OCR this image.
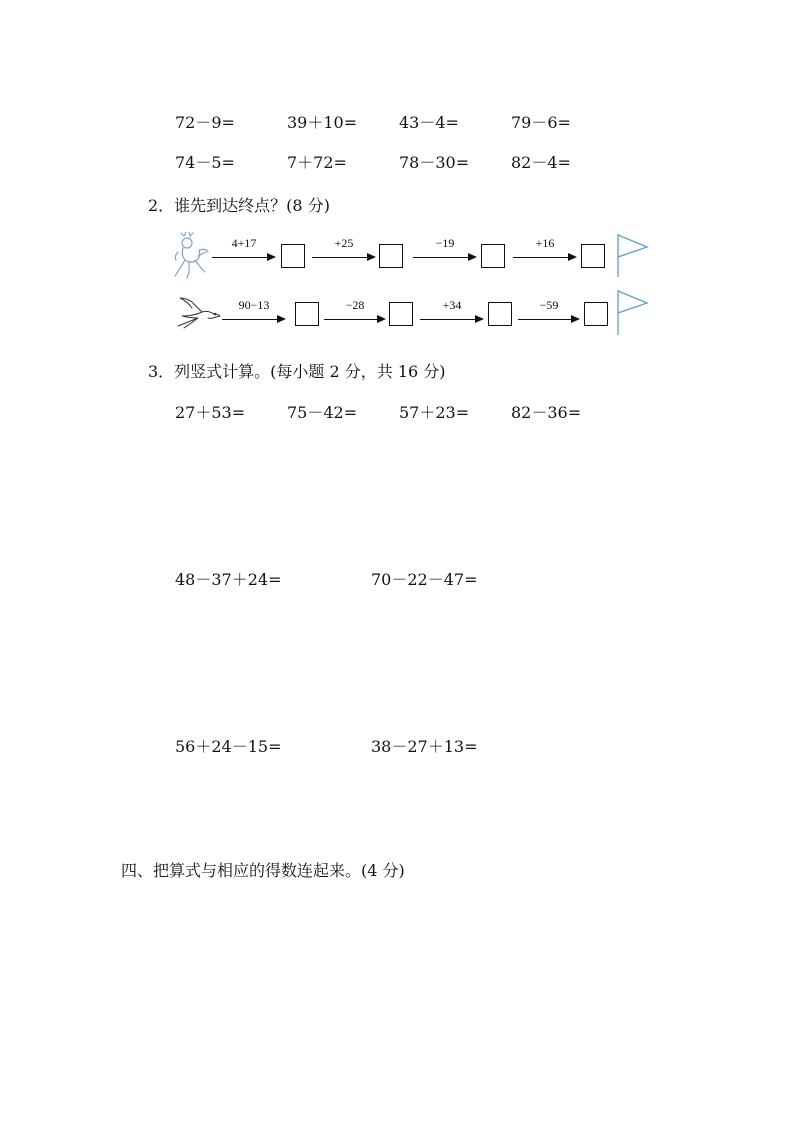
72－9=	39＋10=	43－4=	79－6=
74－5=	7＋72=	78－30=	82－4=
2．谁先到达终点？(8 分)
4+17	+25	−19	+16
90−13	−28	+34	−59
3．列竖式计算。(每小题 2 分，共 16 分)
27＋53=	75－42=	57＋23=	82－36=
48－37＋24=	70－22－47=
56＋24－15=	38－27＋13=
四、把算式与相应的得数连起来。(4 分)
